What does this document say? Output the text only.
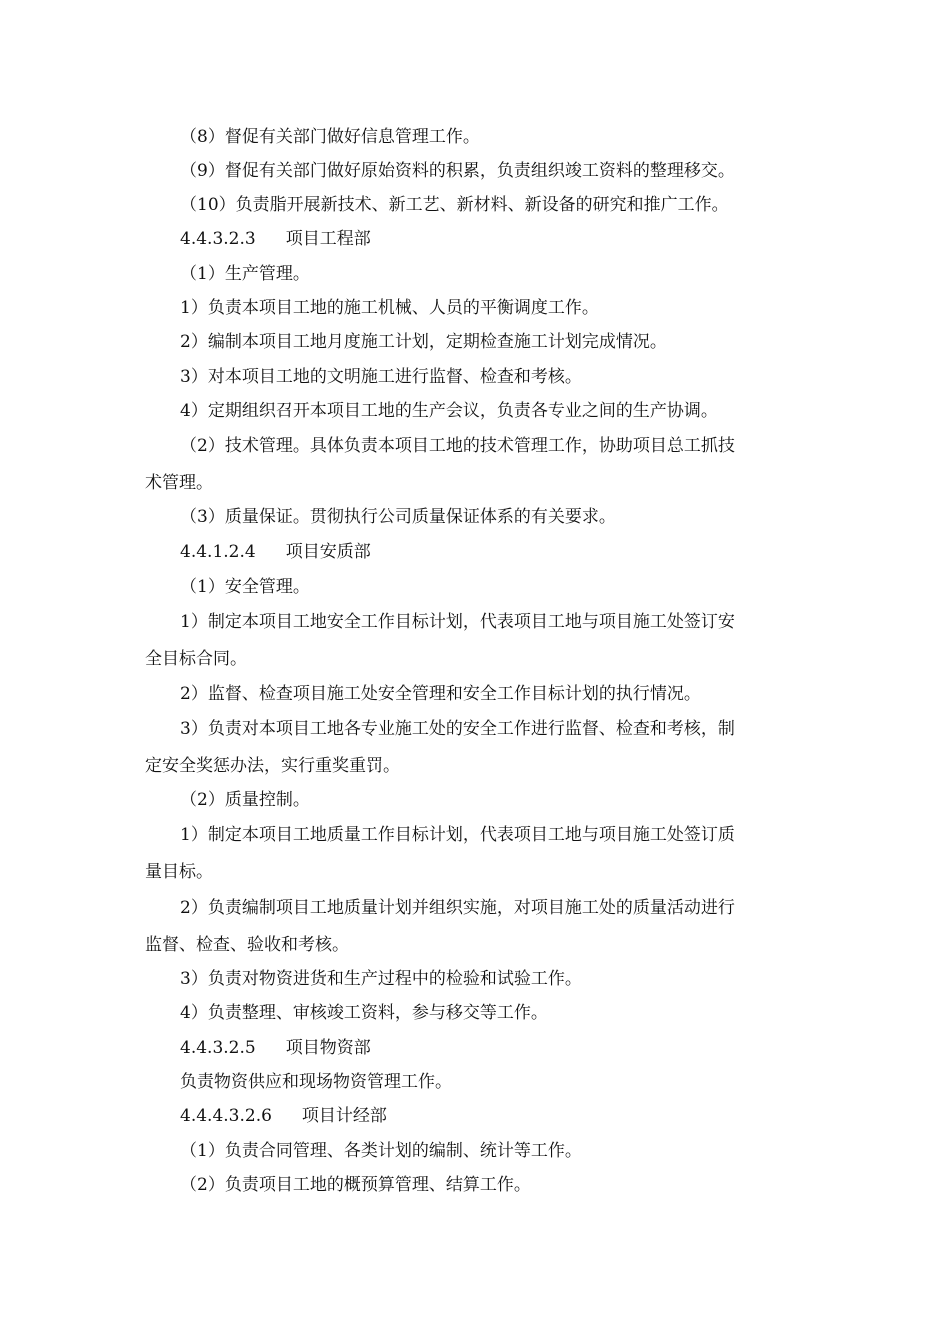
（8）督促有关部门做好信息管理工作。
（9）督促有关部门做好原始资料的积累，负责组织竣工资料的整理移交。
（10）负责脂开展新技术、新工艺、新材料、新设备的研究和推广工作。
4.4.3.2.3 项目工程部
（1）生产管理。
1）负责本项目工地的施工机械、人员的平衡调度工作。
2）编制本项目工地月度施工计划，定期检查施工计划完成情况。
3）对本项目工地的文明施工进行监督、检查和考核。
4）定期组织召开本项目工地的生产会议，负责各专业之间的生产协调。
（2）技术管理。具体负责本项目工地的技术管理工作，协助项目总工抓技
术管理。
（3）质量保证。贯彻执行公司质量保证体系的有关要求。
4.4.1.2.4 项目安质部
（1）安全管理。
1）制定本项目工地安全工作目标计划，代表项目工地与项目施工处签订安
全目标合同。
2）监督、检查项目施工处安全管理和安全工作目标计划的执行情况。
3）负责对本项目工地各专业施工处的安全工作进行监督、检查和考核，制
定安全奖惩办法，实行重奖重罚。
（2）质量控制。
1）制定本项目工地质量工作目标计划，代表项目工地与项目施工处签订质
量目标。
2）负责编制项目工地质量计划并组织实施，对项目施工处的质量活动进行
监督、检查、验收和考核。
3）负责对物资进货和生产过程中的检验和试验工作。
4）负责整理、审核竣工资料，参与移交等工作。
4.4.3.2.5 项目物资部
负责物资供应和现场物资管理工作。
4.4.4.3.2.6 项目计经部
（1）负责合同管理、各类计划的编制、统计等工作。
（2）负责项目工地的概预算管理、结算工作。
